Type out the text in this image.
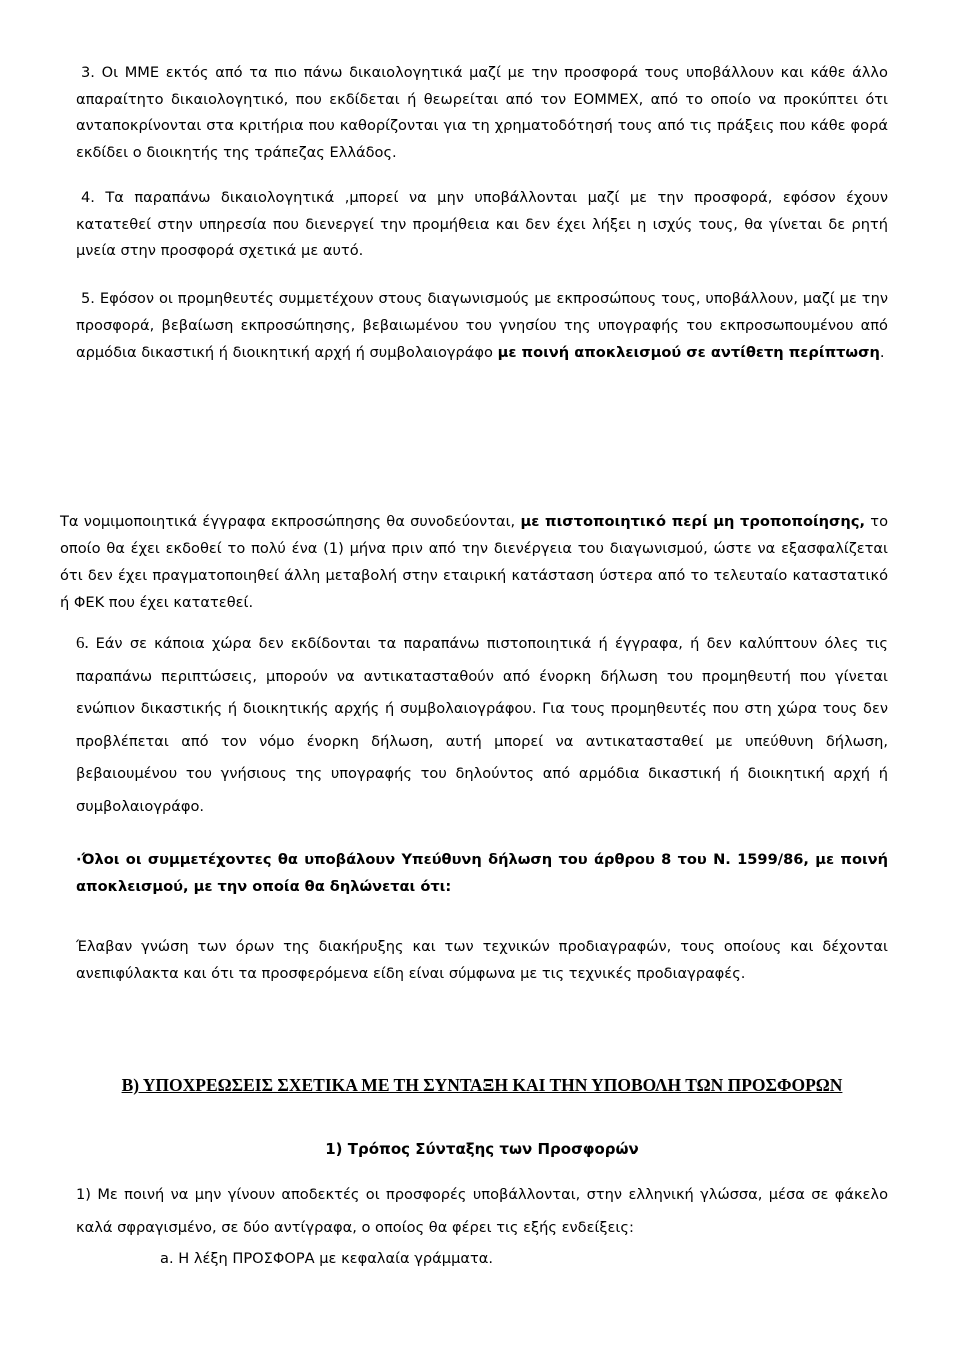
3. Οι ΜΜΕ εκτός από τα πιο πάνω δικαιολογητικά μαζί με την προσφορά τους υποβάλλουν και κάθε άλλο απαραίτητο δικαιολογητικό, που εκδίδεται ή θεωρείται από τον ΕΟΜΜΕΧ, από το οποίο να προκύπτει ότι ανταποκρίνονται στα κριτήρια που καθορίζονται για τη χρηματοδότησή τους από τις πράξεις που κάθε φορά εκδίδει ο διοικητής της τράπεζας Ελλάδος.

4. Τα παραπάνω δικαιολογητικά ,μπορεί να μην υποβάλλονται μαζί με την προσφορά, εφόσον έχουν κατατεθεί στην υπηρεσία που διενεργεί την προμήθεια και δεν έχει λήξει η ισχύς τους, θα γίνεται δε ρητή μνεία στην προσφορά σχετικά με αυτό.

5. Εφόσον οι προμηθευτές συμμετέχουν στους διαγωνισμούς με εκπροσώπους τους, υποβάλλουν, μαζί με την προσφορά, βεβαίωση εκπροσώπησης, βεβαιωμένου του γνησίου της υπογραφής του εκπροσωπουμένου από αρμόδια δικαστική ή διοικητική αρχή ή συμβολαιογράφο με ποινή αποκλεισμού σε αντίθετη περίπτωση.

Τα νομιμοποιητικά έγγραφα εκπροσώπησης θα συνοδεύονται, με πιστοποιητικό περί μη τροποποίησης, το οποίο θα έχει εκδοθεί το πολύ ένα (1) μήνα πριν από την διενέργεια του διαγωνισμού, ώστε να εξασφαλίζεται ότι δεν έχει πραγματοποιηθεί άλλη μεταβολή στην εταιρική κατάσταση ύστερα από το τελευταίο καταστατικό ή ΦΕΚ που έχει κατατεθεί.

6. Εάν σε κάποια χώρα δεν εκδίδονται τα παραπάνω πιστοποιητικά ή έγγραφα, ή δεν καλύπτουν όλες τις παραπάνω περιπτώσεις, μπορούν να αντικατασταθούν από ένορκη δήλωση του προμηθευτή που γίνεται ενώπιον δικαστικής ή διοικητικής αρχής ή συμβολαιογράφου. Για τους προμηθευτές που στη χώρα τους δεν προβλέπεται από τον νόμο ένορκη δήλωση, αυτή μπορεί να αντικατασταθεί με υπεύθυνη δήλωση, βεβαιουμένου του γνήσιους της υπογραφής του δηλούντος από αρμόδια δικαστική ή διοικητική αρχή ή συμβολαιογράφο.

·Όλοι οι συμμετέχοντες θα υποβάλουν Υπεύθυνη δήλωση του άρθρου 8 του Ν. 1599/86, με ποινή αποκλεισμού, με την οποία θα δηλώνεται ότι:

Έλαβαν γνώση των όρων της διακήρυξης και των τεχνικών προδιαγραφών, τους οποίους και δέχονται ανεπιφύλακτα και ότι τα προσφερόμενα είδη είναι σύμφωνα με τις τεχνικές προδιαγραφές.

Β) ΥΠΟΧΡΕΩΣΕΙΣ ΣΧΕΤΙΚΑ ΜΕ ΤΗ ΣΥΝΤΑΞΗ ΚΑΙ ΤΗΝ ΥΠΟΒΟΛΗ ΤΩΝ ΠΡΟΣΦΟΡΩΝ

1) Τρόπος Σύνταξης των Προσφορών

1) Με ποινή να μην γίνουν αποδεκτές οι προσφορές υποβάλλονται, στην ελληνική γλώσσα, μέσα σε φάκελο καλά σφραγισμένο, σε δύο αντίγραφα, ο οποίος θα φέρει τις εξής ενδείξεις:

a. Η λέξη ΠΡΟΣΦΟΡΑ με κεφαλαία γράμματα.
